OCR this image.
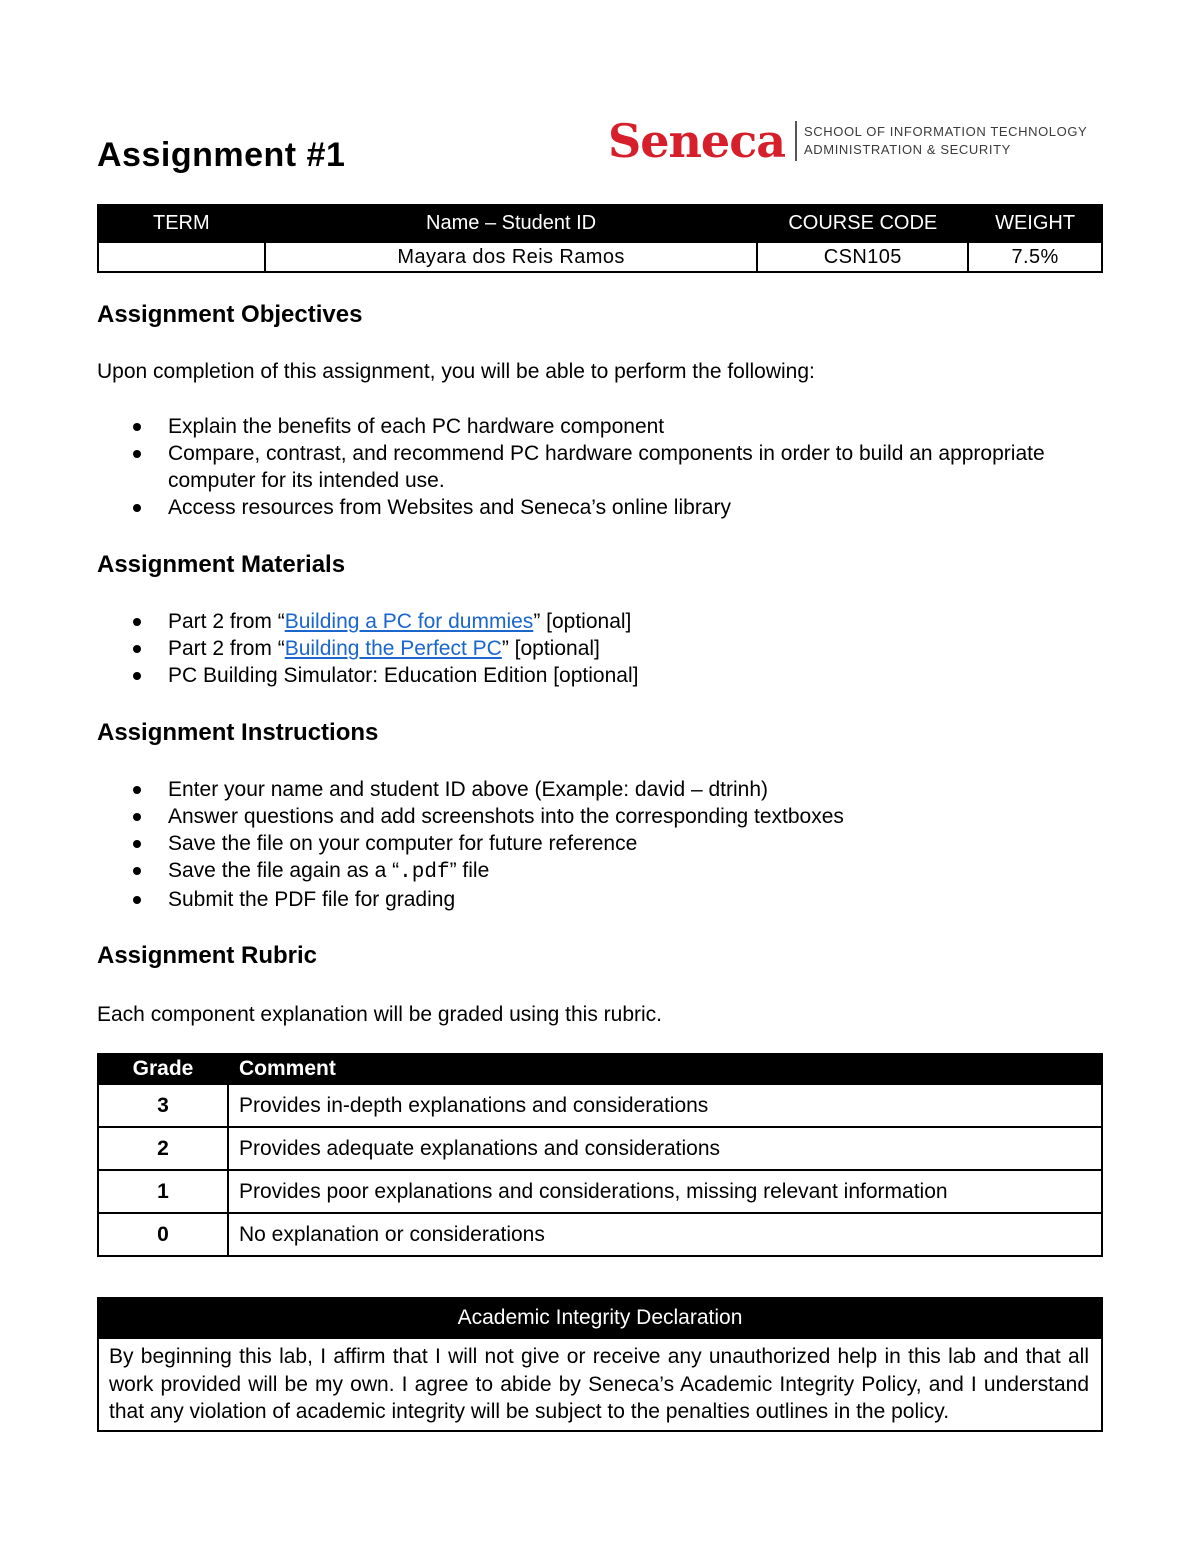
Assignment #1	Seneca SCHOOL OF INFORMATION TECHNOLOGY
ADMINISTRATION & SECURITY
TERM	Name – Student ID	COURSE CODE	WEIGHT
	Mayara dos Reis Ramos	CSN105	7.5%
Assignment Objectives

Upon completion of this assignment, you will be able to perform the following:

Explain the benefits of each PC hardware component
Compare, contrast, and recommend PC hardware components in order to build an appropriate computer for its intended use.
Access resources from Websites and Seneca’s online library
Assignment Materials
Part 2 from “Building a PC for dummies” [optional]
Part 2 from “Building the Perfect PC” [optional]
PC Building Simulator: Education Edition [optional]
Assignment Instructions
Enter your name and student ID above (Example: david – dtrinh)
Answer questions and add screenshots into the corresponding textboxes
Save the file on your computer for future reference
Save the file again as a “.pdf” file
Submit the PDF file for grading
Assignment Rubric

Each component explanation will be graded using this rubric.

Grade	Comment
3	Provides in-depth explanations and considerations
2	Provides adequate explanations and considerations
1	Provides poor explanations and considerations, missing relevant information
0	No explanation or considerations
Academic Integrity Declaration
By beginning this lab, I affirm that I will not give or receive any unauthorized help in this lab and that all work provided will be my own. I agree to abide by Seneca’s Academic Integrity Policy, and I understand that any violation of academic integrity will be subject to the penalties outlines in the policy.
